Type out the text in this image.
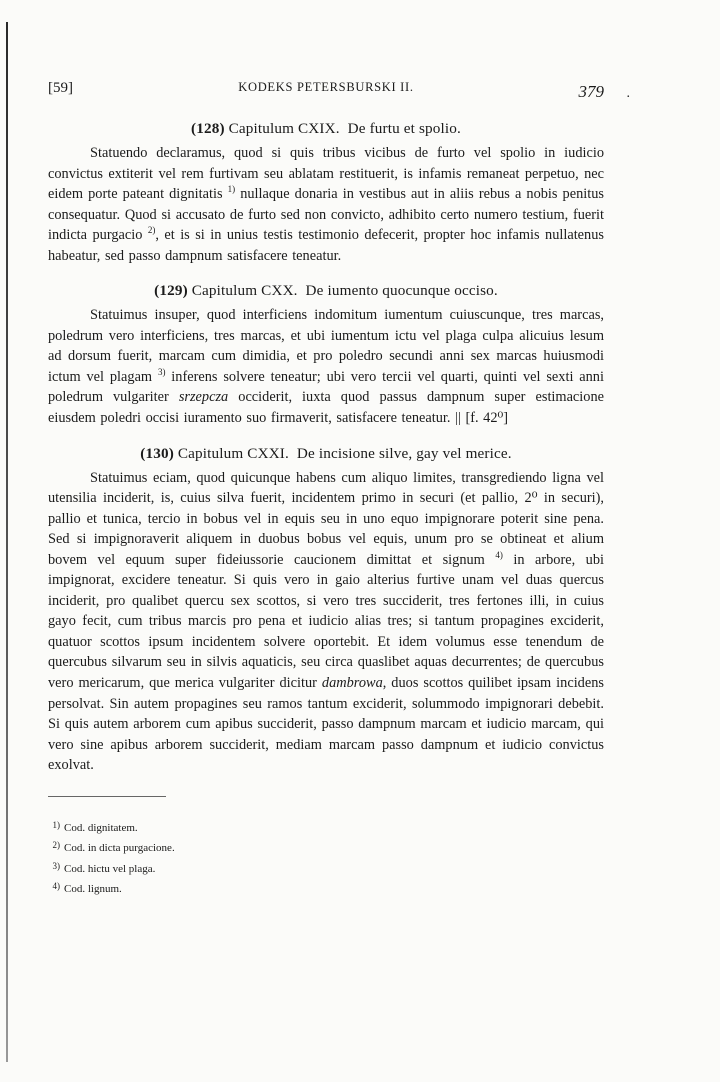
[59]	KODEKS PETERSBURSKI II.	379 .
(128) Capitulum CXIX. De furtu et spolio.

Statuendo declaramus, quod si quis tribus vicibus de furto vel spolio in iudicio convictus extiterit vel rem furtivam seu ablatam restituerit, is infamis remaneat perpetuo, nec eidem porte pateant dignitatis $^{1)}$ nullaque donaria in vestibus aut in aliis rebus a nobis penitus consequatur. Quod si accusato de furto sed non convicto, adhibito certo numero testium, fuerit indicta purgacio $^{2)}$, et is si in unius testis testimonio defecerit, propter hoc infamis nullatenus habeatur, sed passo dampnum satisfacere teneatur.

(129) Capitulum CXX. De iumento quocunque occiso.

Statuimus insuper, quod interficiens indomitum iumentum cuiuscunque, tres marcas, poledrum vero interficiens, tres marcas, et ubi iumentum ictu vel plaga culpa alicuius lesum ad dorsum fuerit, marcam cum dimidia, et pro poledro secundi anni sex marcas huiusmodi ictum vel plagam $^{3)}$ inferens solvere teneatur; ubi vero tercii vel quarti, quinti vel sexti anni poledrum vulgariter srzepcza occiderit, iuxta quod passus dampnum super estimacione eiusdem poledri occisi iuramento suo firmaverit, satisfacere teneatur. || [f. 42⁰]

(130) Capitulum CXXI. De incisione silve, gay vel merice.

Statuimus eciam, quod quicunque habens cum aliquo limites, transgrediendo ligna vel utensilia inciderit, is, cuius silva fuerit, incidentem primo in securi (et pallio, 2⁰ in securi), pallio et tunica, tercio in bobus vel in equis seu in uno equo impignorare poterit sine pena. Sed si impignoraverit aliquem in duobus bobus vel equis, unum pro se obtineat et alium bovem vel equum super fideiussorie caucionem dimittat et signum $^{4)}$ in arbore, ubi impignorat, excidere teneatur. Si quis vero in gaio alterius furtive unam vel duas quercus inciderit, pro qualibet quercu sex scottos, si vero tres succiderit, tres fertones illi, in cuius gayo fecit, cum tribus marcis pro pena et iudicio alias tres; si tantum propagines exciderit, quatuor scottos ipsum incidentem solvere oportebit. Et idem volumus esse tenendum de quercubus silvarum seu in silvis aquaticis, seu circa quaslibet aquas decurrentes; de quercubus vero mericarum, que merica vulgariter dicitur dambrowa, duos scottos quilibet ipsam incidens persolvat. Sin autem propagines seu ramos tantum exciderit, solummodo impignorari debebit. Si quis autem arborem cum apibus succiderit, passo dampnum marcam et iudicio marcam, qui vero sine apibus arborem succiderit, mediam marcam passo dampnum et iudicio convictus exolvat.

1) Cod. dignitatem.

2) Cod. in dicta purgacione.

3) Cod. hictu vel plaga.

4) Cod. lignum.
